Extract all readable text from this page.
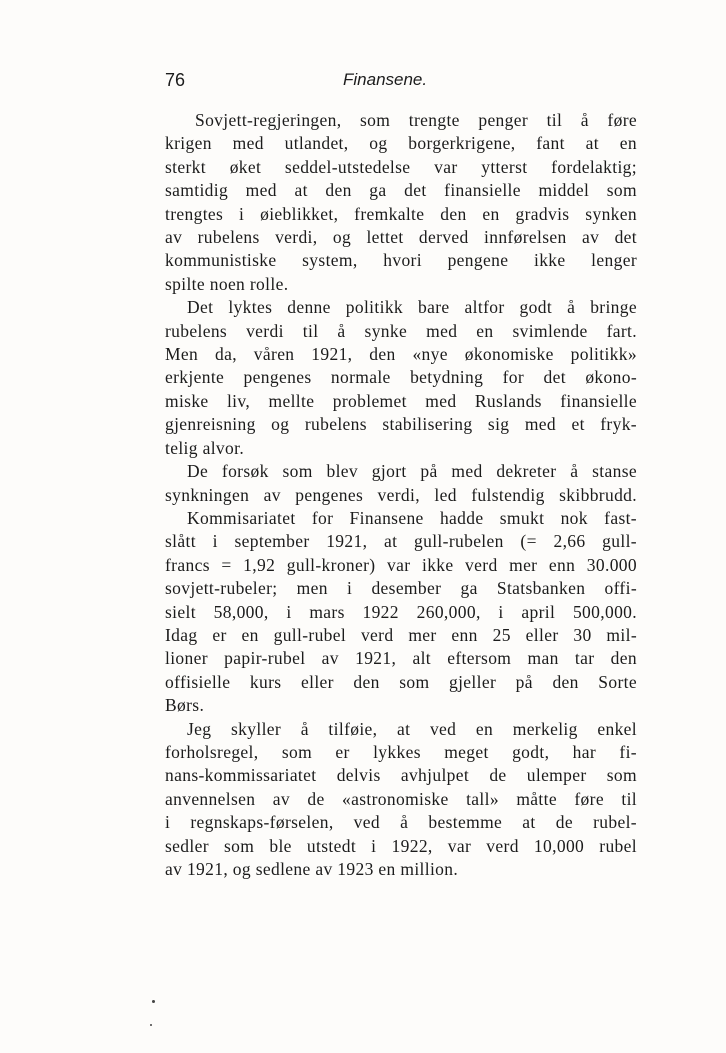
76	Finansene.

Sovjett-regjeringen, som trengte penger til å føre
krigen med utlandet, og borgerkrigene, fant at en
sterkt øket seddel-utstedelse var ytterst fordelaktig;
samtidig med at den ga det finansielle middel som
trengtes i øieblikket, fremkalte den en gradvis synken
av rubelens verdi, og lettet derved innførelsen av det
kommunistiske system, hvori pengene ikke lenger
spilte noen rolle.

Det lyktes denne politikk bare altfor godt å bringe
rubelens verdi til å synke med en svimlende fart.
Men da, våren 1921, den «nye økonomiske politikk»
erkjente pengenes normale betydning for det økono-
miske liv, mellte problemet med Ruslands finansielle
gjenreisning og rubelens stabilisering sig med et fryk-
telig alvor.

De forsøk som blev gjort på med dekreter å stanse
synkningen av pengenes verdi, led fulstendig skibbrudd.

Kommisariatet for Finansene hadde smukt nok fast-
slått i september 1921, at gull-rubelen (= 2,66 gull-
francs = 1,92 gull-kroner) var ikke verd mer enn 30.000
sovjett-rubeler; men i desember ga Statsbanken offi-
sielt 58,000, i mars 1922 260,000, i april 500,000.
Idag er en gull-rubel verd mer enn 25 eller 30 mil-
lioner papir-rubel av 1921, alt eftersom man tar den
offisielle kurs eller den som gjeller på den Sorte
Børs.

Jeg skyller å tilføie, at ved en merkelig enkel
forholsregel, som er lykkes meget godt, har fi-
nans-kommissariatet delvis avhjulpet de ulemper som
anvennelsen av de «astronomiske tall» måtte føre til
i regnskaps-førselen, ved å bestemme at de rubel-
sedler som ble utstedt i 1922, var verd 10,000 rubel
av 1921, og sedlene av 1923 en million.
